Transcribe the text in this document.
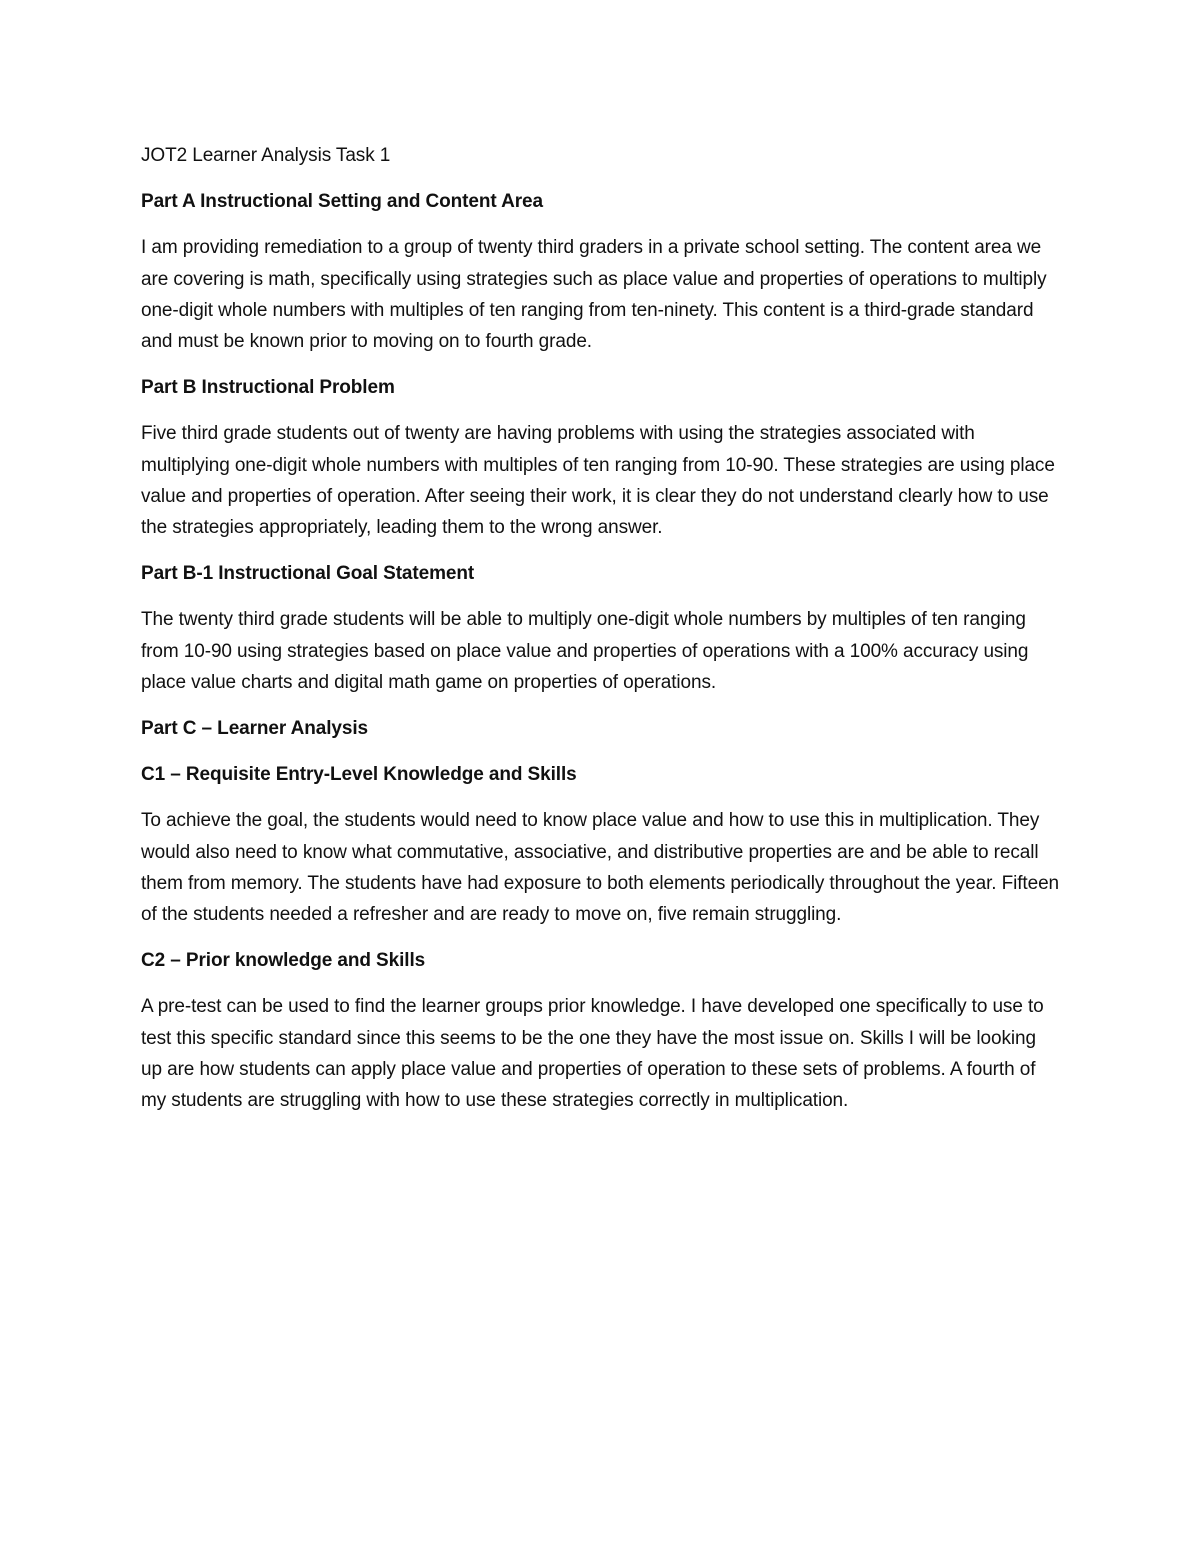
JOT2 Learner Analysis Task 1

Part A Instructional Setting and Content Area

I am providing remediation to a group of twenty third graders in a private school setting. The content area we are covering is math, specifically using strategies such as place value and properties of operations to multiply one-digit whole numbers with multiples of ten ranging from ten-ninety. This content is a third-grade standard and must be known prior to moving on to fourth grade.

Part B Instructional Problem

Five third grade students out of twenty are having problems with using the strategies associated with multiplying one-digit whole numbers with multiples of ten ranging from 10-90. These strategies are using place value and properties of operation. After seeing their work, it is clear they do not understand clearly how to use the strategies appropriately, leading them to the wrong answer.

Part B-1 Instructional Goal Statement

The twenty third grade students will be able to multiply one-digit whole numbers by multiples of ten ranging from 10-90 using strategies based on place value and properties of operations with a 100% accuracy using place value charts and digital math game on properties of operations.

Part C – Learner Analysis

C1 – Requisite Entry-Level Knowledge and Skills

To achieve the goal, the students would need to know place value and how to use this in multiplication. They would also need to know what commutative, associative, and distributive properties are and be able to recall them from memory. The students have had exposure to both elements periodically throughout the year. Fifteen of the students needed a refresher and are ready to move on, five remain struggling.

C2 – Prior knowledge and Skills

A pre-test can be used to find the learner groups prior knowledge. I have developed one specifically to use to test this specific standard since this seems to be the one they have the most issue on. Skills I will be looking up are how students can apply place value and properties of operation to these sets of problems. A fourth of my students are struggling with how to use these strategies correctly in multiplication.
